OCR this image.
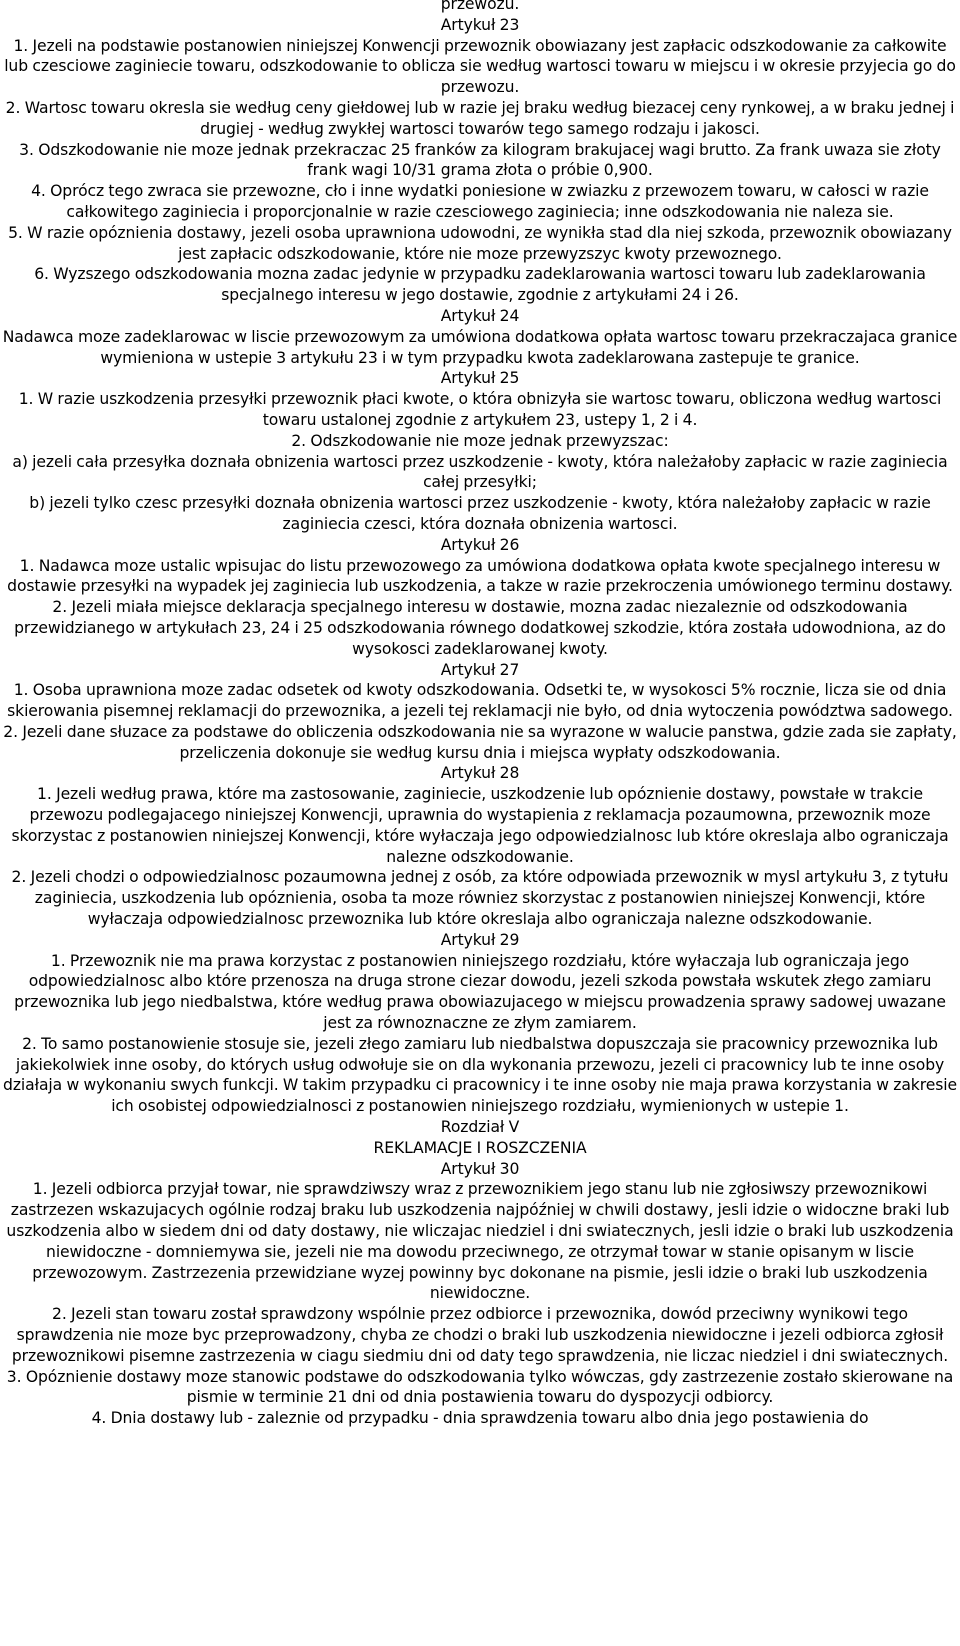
przewozu.

Artykuł 23

1. Jezeli na podstawie postanowien niniejszej Konwencji przewoznik obowiazany jest zapłacic odszkodowanie za całkowite lub czesciowe zaginiecie towaru, odszkodowanie to oblicza sie według wartosci towaru w miejscu i w okresie przyjecia go do przewozu.

2. Wartosc towaru okresla sie według ceny giełdowej lub w razie jej braku według biezacej ceny rynkowej, a w braku jednej i drugiej - według zwykłej wartosci towarów tego samego rodzaju i jakosci.

3. Odszkodowanie nie moze jednak przekraczac 25 franków za kilogram brakujacej wagi brutto. Za frank uwaza sie złoty frank wagi 10/31 grama złota o próbie 0,900.

4. Oprócz tego zwraca sie przewozne, cło i inne wydatki poniesione w zwiazku z przewozem towaru, w całosci w razie całkowitego zaginiecia i proporcjonalnie w razie czesciowego zaginiecia; inne odszkodowania nie naleza sie.

5. W razie opóznienia dostawy, jezeli osoba uprawniona udowodni, ze wynikła stad dla niej szkoda, przewoznik obowiazany jest zapłacic odszkodowanie, które nie moze przewyzszyc kwoty przewoznego.

6. Wyzszego odszkodowania mozna zadac jedynie w przypadku zadeklarowania wartosci towaru lub zadeklarowania specjalnego interesu w jego dostawie, zgodnie z artykułami 24 i 26.

Artykuł 24

Nadawca moze zadeklarowac w liscie przewozowym za umówiona dodatkowa opłata wartosc towaru przekraczajaca granice wymieniona w ustepie 3 artykułu 23 i w tym przypadku kwota zadeklarowana zastepuje te granice.

Artykuł 25

1. W razie uszkodzenia przesyłki przewoznik płaci kwote, o która obnizyła sie wartosc towaru, obliczona według wartosci towaru ustalonej zgodnie z artykułem 23, ustepy 1, 2 i 4.

2. Odszkodowanie nie moze jednak przewyzszac:

a) jezeli cała przesyłka doznała obnizenia wartosci przez uszkodzenie - kwoty, która należałoby zapłacic w razie zaginiecia całej przesyłki;

b) jezeli tylko czesc przesyłki doznała obnizenia wartosci przez uszkodzenie - kwoty, która należałoby zapłacic w razie zaginiecia czesci, która doznała obnizenia wartosci.

Artykuł 26

1. Nadawca moze ustalic wpisujac do listu przewozowego za umówiona dodatkowa opłata kwote specjalnego interesu w dostawie przesyłki na wypadek jej zaginiecia lub uszkodzenia, a takze w razie przekroczenia umówionego terminu dostawy.

2. Jezeli miała miejsce deklaracja specjalnego interesu w dostawie, mozna zadac niezaleznie od odszkodowania przewidzianego w artykułach 23, 24 i 25 odszkodowania równego dodatkowej szkodzie, która została udowodniona, az do wysokosci zadeklarowanej kwoty.

Artykuł 27

1. Osoba uprawniona moze zadac odsetek od kwoty odszkodowania. Odsetki te, w wysokosci 5% rocznie, licza sie od dnia skierowania pisemnej reklamacji do przewoznika, a jezeli tej reklamacji nie było, od dnia wytoczenia powództwa sadowego.

2. Jezeli dane słuzace za podstawe do obliczenia odszkodowania nie sa wyrazone w walucie panstwa, gdzie zada sie zapłaty, przeliczenia dokonuje sie według kursu dnia i miejsca wypłaty odszkodowania.

Artykuł 28

1. Jezeli według prawa, które ma zastosowanie, zaginiecie, uszkodzenie lub opóznienie dostawy, powstałe w trakcie przewozu podlegajacego niniejszej Konwencji, uprawnia do wystapienia z reklamacja pozaumowna, przewoznik moze skorzystac z postanowien niniejszej Konwencji, które wyłaczaja jego odpowiedzialnosc lub które okreslaja albo ograniczaja nalezne odszkodowanie.

2. Jezeli chodzi o odpowiedzialnosc pozaumowna jednej z osób, za które odpowiada przewoznik w mysl artykułu 3, z tytułu zaginiecia, uszkodzenia lub opóznienia, osoba ta moze równiez skorzystac z postanowien niniejszej Konwencji, które wyłaczaja odpowiedzialnosc przewoznika lub które okreslaja albo ograniczaja nalezne odszkodowanie.

Artykuł 29

1. Przewoznik nie ma prawa korzystac z postanowien niniejszego rozdziału, które wyłaczaja lub ograniczaja jego odpowiedzialnosc albo które przenosza na druga strone ciezar dowodu, jezeli szkoda powstała wskutek złego zamiaru przewoznika lub jego niedbalstwa, które według prawa obowiazujacego w miejscu prowadzenia sprawy sadowej uwazane jest za równoznaczne ze złym zamiarem.

2. To samo postanowienie stosuje sie, jezeli złego zamiaru lub niedbalstwa dopuszczaja sie pracownicy przewoznika lub jakiekolwiek inne osoby, do których usług odwołuje sie on dla wykonania przewozu, jezeli ci pracownicy lub te inne osoby działaja w wykonaniu swych funkcji. W takim przypadku ci pracownicy i te inne osoby nie maja prawa korzystania w zakresie ich osobistej odpowiedzialnosci z postanowien niniejszego rozdziału, wymienionych w ustepie 1.

Rozdział V

REKLAMACJE I ROSZCZENIA

Artykuł 30

1. Jezeli odbiorca przyjał towar, nie sprawdziwszy wraz z przewoznikiem jego stanu lub nie zgłosiwszy przewoznikowi zastrzezen wskazujacych ogólnie rodzaj braku lub uszkodzenia najpóźniej w chwili dostawy, jesli idzie o widoczne braki lub uszkodzenia albo w siedem dni od daty dostawy, nie wliczajac niedziel i dni swiatecznych, jesli idzie o braki lub uszkodzenia niewidoczne - domniemywa sie, jezeli nie ma dowodu przeciwnego, ze otrzymał towar w stanie opisanym w liscie przewozowym. Zastrzezenia przewidziane wyzej powinny byc dokonane na pismie, jesli idzie o braki lub uszkodzenia niewidoczne.

2. Jezeli stan towaru został sprawdzony wspólnie przez odbiorce i przewoznika, dowód przeciwny wynikowi tego sprawdzenia nie moze byc przeprowadzony, chyba ze chodzi o braki lub uszkodzenia niewidoczne i jezeli odbiorca zgłosił przewoznikowi pisemne zastrzezenia w ciagu siedmiu dni od daty tego sprawdzenia, nie liczac niedziel i dni swiatecznych.

3. Opóznienie dostawy moze stanowic podstawe do odszkodowania tylko wówczas, gdy zastrzezenie zostało skierowane na pismie w terminie 21 dni od dnia postawienia towaru do dyspozycji odbiorcy.

4. Dnia dostawy lub - zaleznie od przypadku - dnia sprawdzenia towaru albo dnia jego postawienia do
